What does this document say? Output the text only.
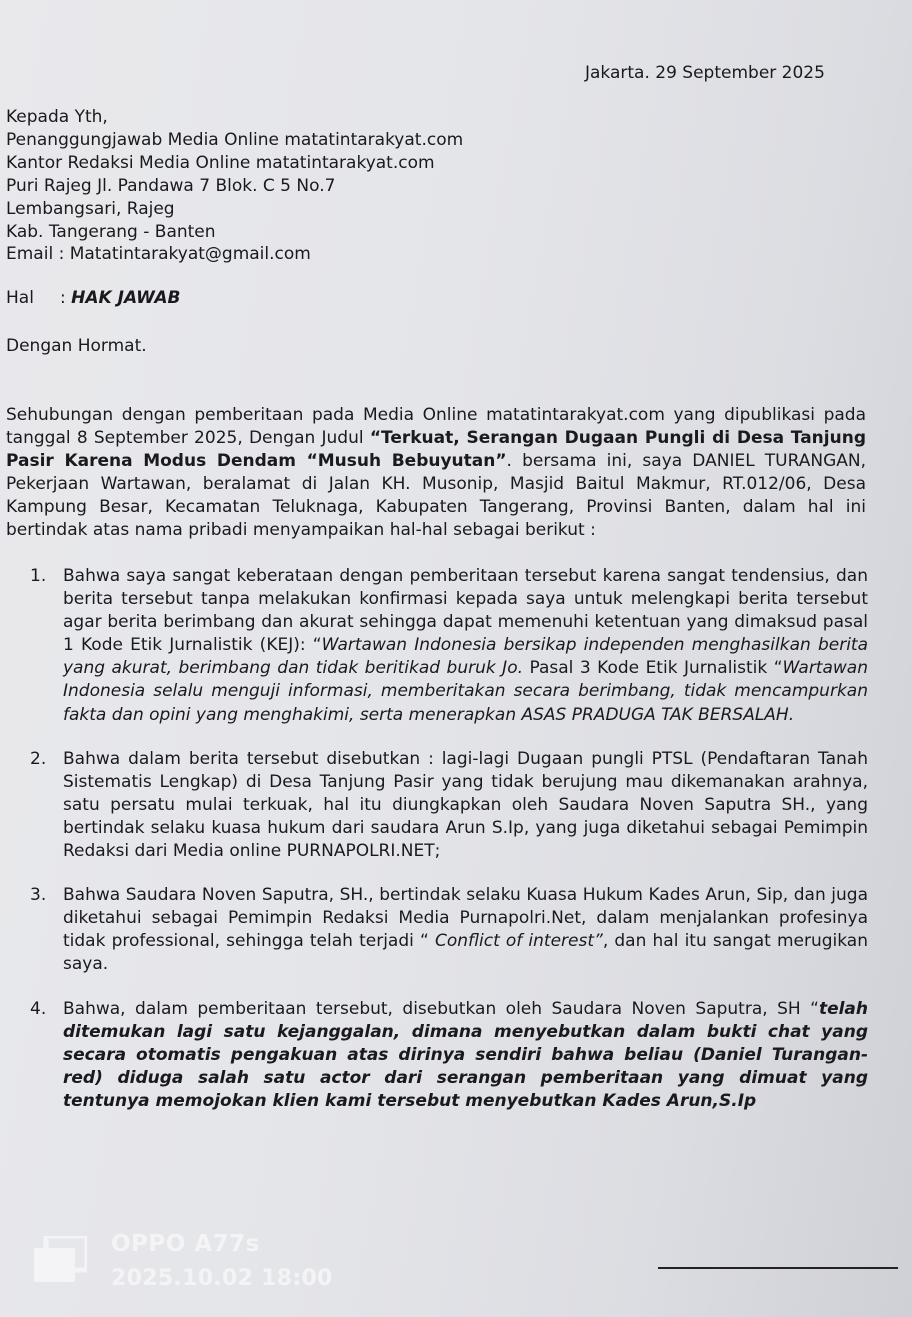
Jakarta. 29 September 2025
Kepada Yth,
Penanggungjawab Media Online matatintarakyat.com
Kantor Redaksi Media Online matatintarakyat.com
Puri Rajeg Jl. Pandawa 7 Blok. C 5 No.7
Lembangsari, Rajeg
Kab. Tangerang - Banten
Email : Matatintarakyat@gmail.com
Hal : HAK JAWAB
Dengan Hormat.
Sehubungan dengan pemberitaan pada Media Online matatintarakyat.com yang dipublikasi pada tanggal 8 September 2025, Dengan Judul “Terkuat, Serangan Dugaan Pungli di Desa Tanjung Pasir Karena Modus Dendam “Musuh Bebuyutan”. bersama ini, saya DANIEL TURANGAN, Pekerjaan Wartawan, beralamat di Jalan KH. Musonip, Masjid Baitul Makmur, RT.012/06, Desa Kampung Besar, Kecamatan Teluknaga, Kabupaten Tangerang, Provinsi Banten, dalam hal ini bertindak atas nama pribadi menyampaikan hal-hal sebagai berikut :
1. Bahwa saya sangat keberataan dengan pemberitaan tersebut karena sangat tendensius, dan berita tersebut tanpa melakukan konfirmasi kepada saya untuk melengkapi berita tersebut agar berita berimbang dan akurat sehingga dapat memenuhi ketentuan yang dimaksud pasal 1 Kode Etik Jurnalistik (KEJ): “Wartawan Indonesia bersikap independen menghasilkan berita yang akurat, berimbang dan tidak beritikad buruk Jo. Pasal 3 Kode Etik Jurnalistik “Wartawan Indonesia selalu menguji informasi, memberitakan secara berimbang, tidak mencampurkan fakta dan opini yang menghakimi, serta menerapkan ASAS PRADUGA TAK BERSALAH.
2. Bahwa dalam berita tersebut disebutkan : lagi-lagi Dugaan pungli PTSL (Pendaftaran Tanah Sistematis Lengkap) di Desa Tanjung Pasir yang tidak berujung mau dikemanakan arahnya, satu persatu mulai terkuak, hal itu diungkapkan oleh Saudara Noven Saputra SH., yang bertindak selaku kuasa hukum dari saudara Arun S.Ip, yang juga diketahui sebagai Pemimpin Redaksi dari Media online PURNAPOLRI.NET;
3. Bahwa Saudara Noven Saputra, SH., bertindak selaku Kuasa Hukum Kades Arun, Sip, dan juga diketahui sebagai Pemimpin Redaksi Media Purnapolri.Net, dalam menjalankan profesinya tidak professional, sehingga telah terjadi “ Conflict of interest”, dan hal itu sangat merugikan saya.
4. Bahwa, dalam pemberitaan tersebut, disebutkan oleh Saudara Noven Saputra, SH “telah ditemukan lagi satu kejanggalan, dimana menyebutkan dalam bukti chat yang secara otomatis pengakuan atas dirinya sendiri bahwa beliau (Daniel Turangan-red) diduga salah satu actor dari serangan pemberitaan yang dimuat yang tentunya memojokan klien kami tersebut menyebutkan Kades Arun,S.Ip
OPPO A77s
2025.10.02 18:00
